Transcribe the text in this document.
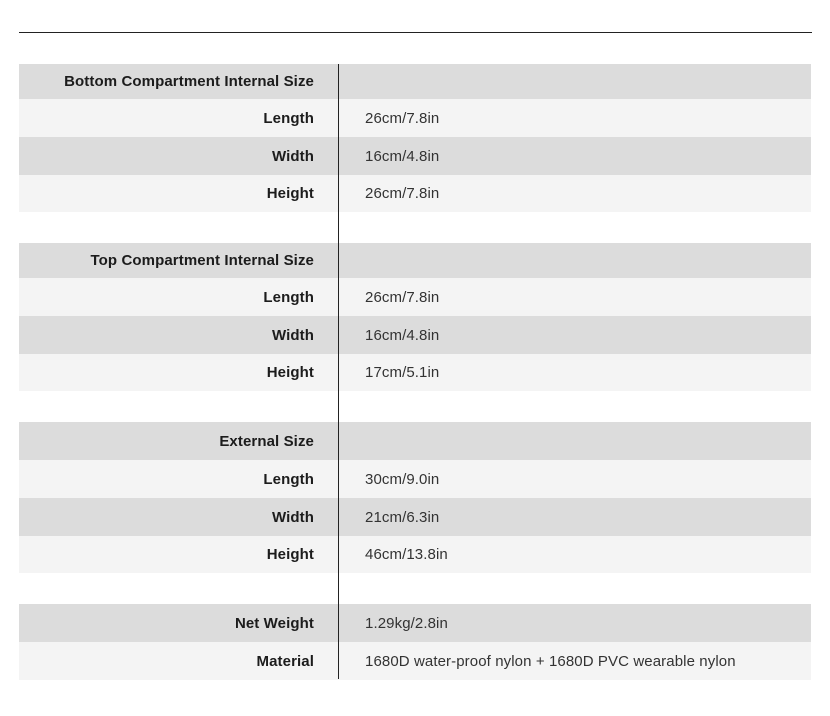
Bottom Compartment Internal Size
Length	26cm/7.8in
Width	16cm/4.8in
Height	26cm/7.8in
Top Compartment Internal Size
Length	26cm/7.8in
Width	16cm/4.8in
Height	17cm/5.1in
External Size
Length	30cm/9.0in
Width	21cm/6.3in
Height	46cm/13.8in
Net Weight	1.29kg/2.8in
Material	1680D water-proof nylon + 1680D PVC wearable nylon
